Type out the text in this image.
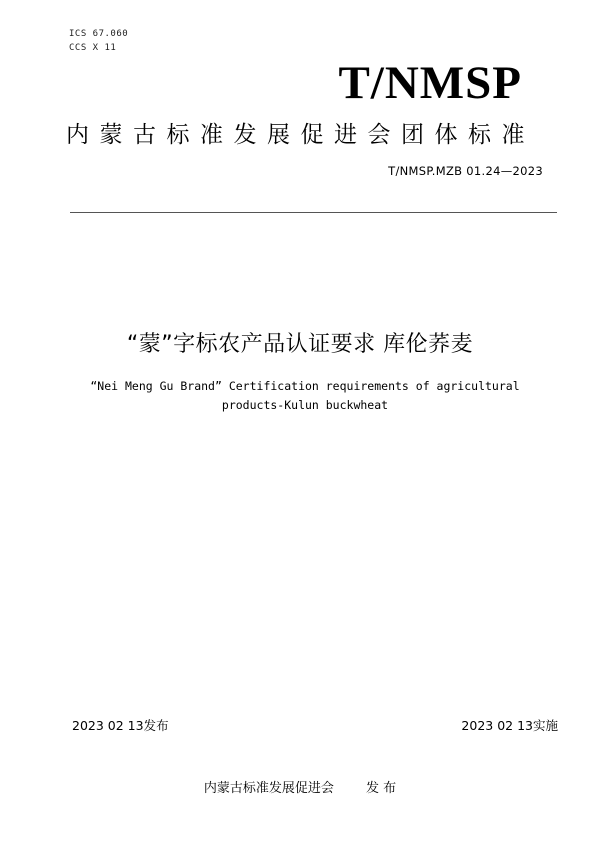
ICS 67.060
CCS X 11
T/NMSP
内蒙古标准发展促进会团体标准
T/NMSP.MZB 01.24—2023
“蒙”字标农产品认证要求 库伦荞麦
“Nei Meng Gu Brand” Certification requirements of agricultural
products-Kulun buckwheat
2023 02 13发布	2023 02 13实施
内蒙古标准发展促进会 发 布
